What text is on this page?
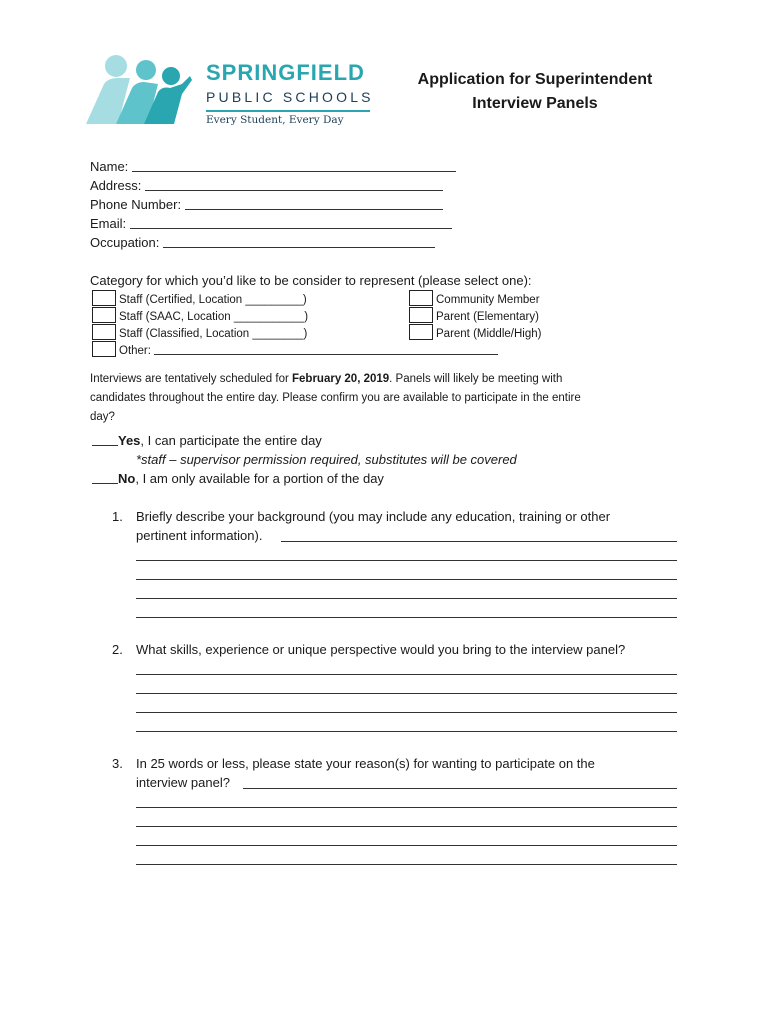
SPRINGFIELD
PUBLIC SCHOOLS
Every Student, Every Day
Application for Superintendent
Interview Panels
Name:
Address:
Phone Number:
Email:
Occupation:
Category for which you’d like to be consider to represent (please select one):
Staff (Certified, Location _________)
Staff (SAAC, Location ___________)
Staff (Classified, Location ________)
Other:
Community Member
Parent (Elementary)
Parent (Middle/High)
Interviews are tentatively scheduled for February 20, 2019. Panels will likely be meeting with
candidates throughout the entire day. Please confirm you are available to participate in the entire
day?
Yes, I can participate the entire day
*staff – supervisor permission required, substitutes will be covered
No, I am only available for a portion of the day
1. Briefly describe your background (you may include any education, training or other
pertinent information).
2. What skills, experience or unique perspective would you bring to the interview panel?
3. In 25 words or less, please state your reason(s) for wanting to participate on the
interview panel?
